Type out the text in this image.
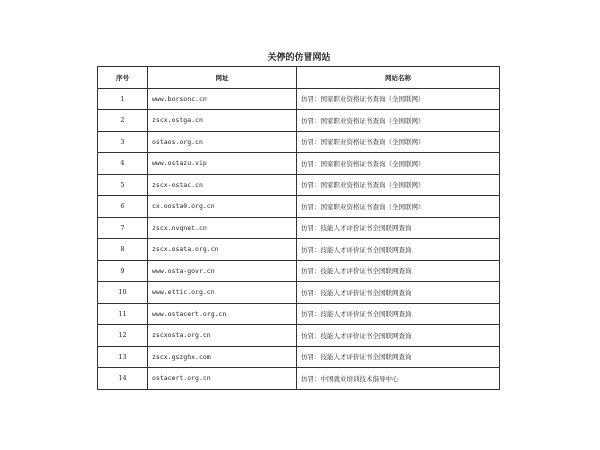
关停的仿冒网站
序号	网址	网站名称
1	www.borsonc.cn	仿冒：国家职业资格证书查询（全国联网）
2	zscx.ostga.cn	仿冒：国家职业资格证书查询（全国联网）
3	ostaos.org.cn	仿冒：国家职业资格证书查询（全国联网）
4	www.ostazu.vip	仿冒：国家职业资格证书查询（全国联网）
5	zscx-ostac.cn	仿冒：国家职业资格证书查询（全国联网）
6	cx.oosta0.org.cn	仿冒：国家职业资格证书查询（全国联网）
7	zscx.nvqnet.cn	仿冒：技能人才评价证书全国联网查询
8	zscx.osata.org.cn	仿冒：技能人才评价证书全国联网查询
9	www.osta-govr.cn	仿冒：技能人才评价证书全国联网查询
10	www.ettic.org.cn	仿冒：技能人才评价证书全国联网查询
11	www.ostacert.org.cn	仿冒：技能人才评价证书全国联网查询
12	zscxosta.org.cn	仿冒：技能人才评价证书全国联网查询
13	zscx.gszghx.com	仿冒：技能人才评价证书全国联网查询
14	ostacert.org.cn	仿冒：中国就业培训技术指导中心
